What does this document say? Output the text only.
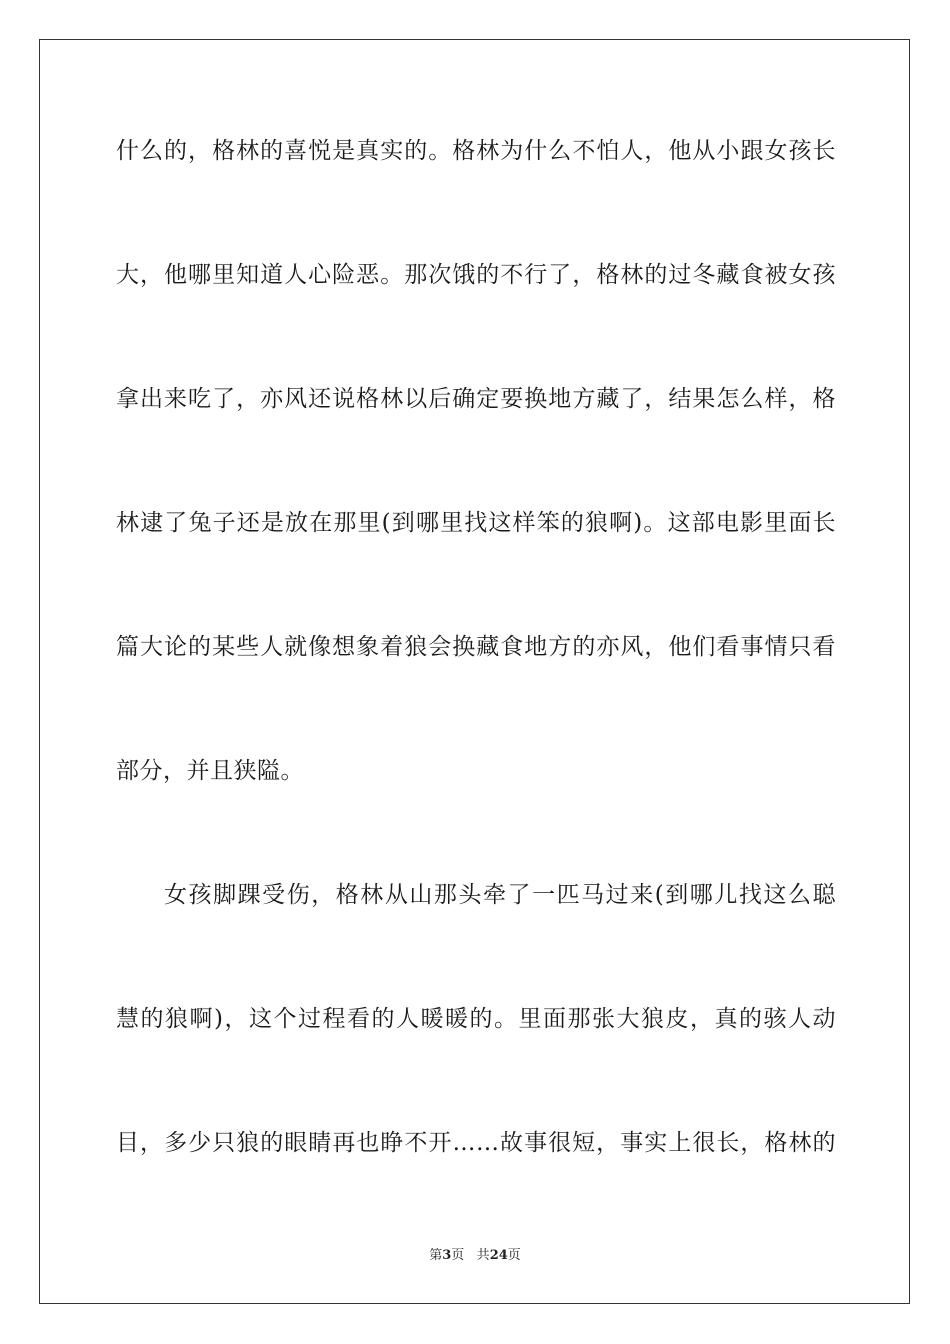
什么的，格林的喜悦是真实的。格林为什么不怕人，他从小跟女孩长
大，他哪里知道人心险恶。那次饿的不行了，格林的过冬藏食被女孩
拿出来吃了，亦风还说格林以后确定要换地方藏了，结果怎么样，格
林逮了兔子还是放在那里(到哪里找这样笨的狼啊)。这部电影里面长
篇大论的某些人就像想象着狼会换藏食地方的亦风，他们看事情只看
部分，并且狭隘。
女孩脚踝受伤，格林从山那头牵了一匹马过来(到哪儿找这么聪
慧的狼啊)，这个过程看的人暖暖的。里面那张大狼皮，真的骇人动
目，多少只狼的眼睛再也睁不开……故事很短，事实上很长，格林的
第3页 共24页
